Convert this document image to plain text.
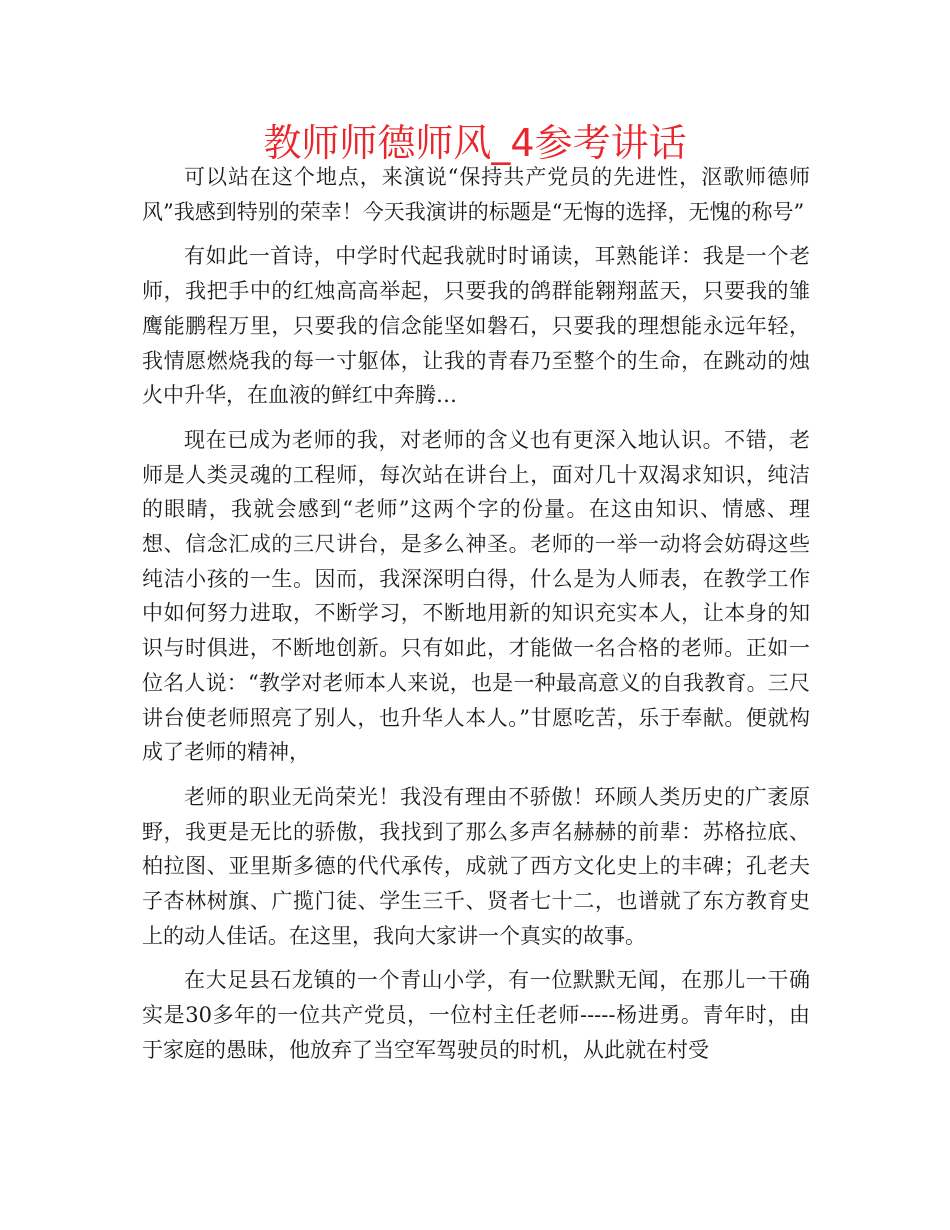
教师师德师风_4参考讲话

可以站在这个地点，来演说“保持共产党员的先进性，沤歌师德师风”我感到特别的荣幸！今天我演讲的标题是“无悔的选择，无愧的称号”

有如此一首诗，中学时代起我就时时诵读，耳熟能详：我是一个老师，我把手中的红烛高高举起，只要我的鸽群能翱翔蓝天，只要我的雏鹰能鹏程万里，只要我的信念能坚如磐石，只要我的理想能永远年轻，我情愿燃烧我的每一寸躯体，让我的青春乃至整个的生命，在跳动的烛火中升华，在血液的鲜红中奔腾…

现在已成为老师的我，对老师的含义也有更深入地认识。不错，老师是人类灵魂的工程师，每次站在讲台上，面对几十双渴求知识，纯洁的眼睛，我就会感到“老师”这两个字的份量。在这由知识、情感、理想、信念汇成的三尺讲台，是多么神圣。老师的一举一动将会妨碍这些纯洁小孩的一生。因而，我深深明白得，什么是为人师表，在教学工作中如何努力进取，不断学习，不断地用新的知识充实本人，让本身的知识与时俱进，不断地创新。只有如此，才能做一名合格的老师。正如一位名人说：“教学对老师本人来说，也是一种最高意义的自我教育。三尺讲台使老师照亮了别人，也升华人本人。”甘愿吃苦，乐于奉献。便就构成了老师的精神，

老师的职业无尚荣光！我没有理由不骄傲！环顾人类历史的广袤原野，我更是无比的骄傲，我找到了那么多声名赫赫的前辈：苏格拉底、柏拉图、亚里斯多德的代代承传，成就了西方文化史上的丰碑；孔老夫子杏林树旗、广揽门徒、学生三千、贤者七十二，也谱就了东方教育史上的动人佳话。在这里，我向大家讲一个真实的故事。

在大足县石龙镇的一个青山小学，有一位默默无闻，在那儿一干确实是30多年的一位共产党员，一位村主任老师-----杨进勇。青年时，由于家庭的愚昧，他放弃了当空军驾驶员的时机，从此就在村受
